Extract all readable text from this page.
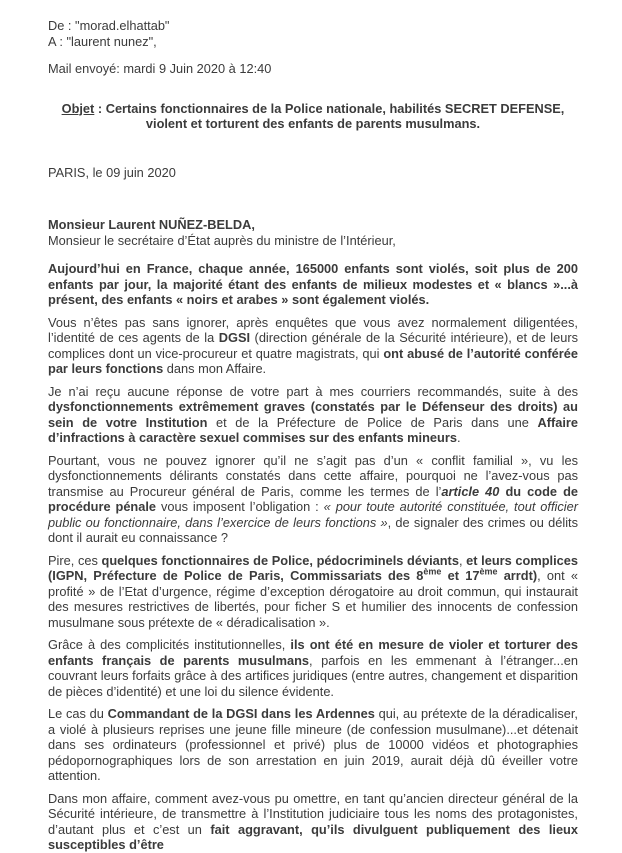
De : "morad.elhattab"
A : "laurent nunez",
Mail envoyé: mardi 9 Juin 2020 à 12:40

Objet : Certains fonctionnaires de la Police nationale, habilités SECRET DEFENSE, violent et torturent des enfants de parents musulmans.

PARIS, le 09 juin 2020

Monsieur Laurent NUÑEZ-BELDA,
Monsieur le secrétaire d’État auprès du ministre de l’Intérieur,

Aujourd’hui en France, chaque année, 165000 enfants sont violés, soit plus de 200 enfants par jour, la majorité étant des enfants de milieux modestes et « blancs »...à présent, des enfants « noirs et arabes » sont également violés.

Vous n’êtes pas sans ignorer, après enquêtes que vous avez normalement diligentées, l’identité de ces agents de la DGSI (direction générale de la Sécurité intérieure), et de leurs complices dont un vice-procureur et quatre magistrats, qui ont abusé de l’autorité conférée par leurs fonctions dans mon Affaire.

Je n’ai reçu aucune réponse de votre part à mes courriers recommandés, suite à des dysfonctionnements extrêmement graves (constatés par le Défenseur des droits) au sein de votre Institution et de la Préfecture de Police de Paris dans une Affaire d’infractions à caractère sexuel commises sur des enfants mineurs.

Pourtant, vous ne pouvez ignorer qu’il ne s’agit pas d’un « conflit familial », vu les dysfonctionnements délirants constatés dans cette affaire, pourquoi ne l’avez-vous pas transmise au Procureur général de Paris, comme les termes de l’article 40 du code de procédure pénale vous imposent l’obligation : « pour toute autorité constituée, tout officier public ou fonctionnaire, dans l’exercice de leurs fonctions », de signaler des crimes ou délits dont il aurait eu connaissance ?

Pire, ces quelques fonctionnaires de Police, pédocriminels déviants, et leurs complices (IGPN, Préfecture de Police de Paris, Commissariats des 8ème et 17ème arrdt), ont « profité » de l’Etat d’urgence, régime d’exception dérogatoire au droit commun, qui instaurait des mesures restrictives de libertés, pour ficher S et humilier des innocents de confession musulmane sous prétexte de « déradicalisation ».

Grâce à des complicités institutionnelles, ils ont été en mesure de violer et torturer des enfants français de parents musulmans, parfois en les emmenant à l’étranger...en couvrant leurs forfaits grâce à des artifices juridiques (entre autres, changement et disparition de pièces d’identité) et une loi du silence évidente.

Le cas du Commandant de la DGSI dans les Ardennes qui, au prétexte de la déradicaliser, a violé à plusieurs reprises une jeune fille mineure (de confession musulmane)...et détenait dans ses ordinateurs (professionnel et privé) plus de 10000 vidéos et photographies pédopornographiques lors de son arrestation en juin 2019, aurait déjà dû éveiller votre attention.

Dans mon affaire, comment avez-vous pu omettre, en tant qu’ancien directeur général de la Sécurité intérieure, de transmettre à l’Institution judiciaire tous les noms des protagonistes, d’autant plus et c’est un fait aggravant, qu’ils divulguent publiquement des lieux susceptibles d’être
